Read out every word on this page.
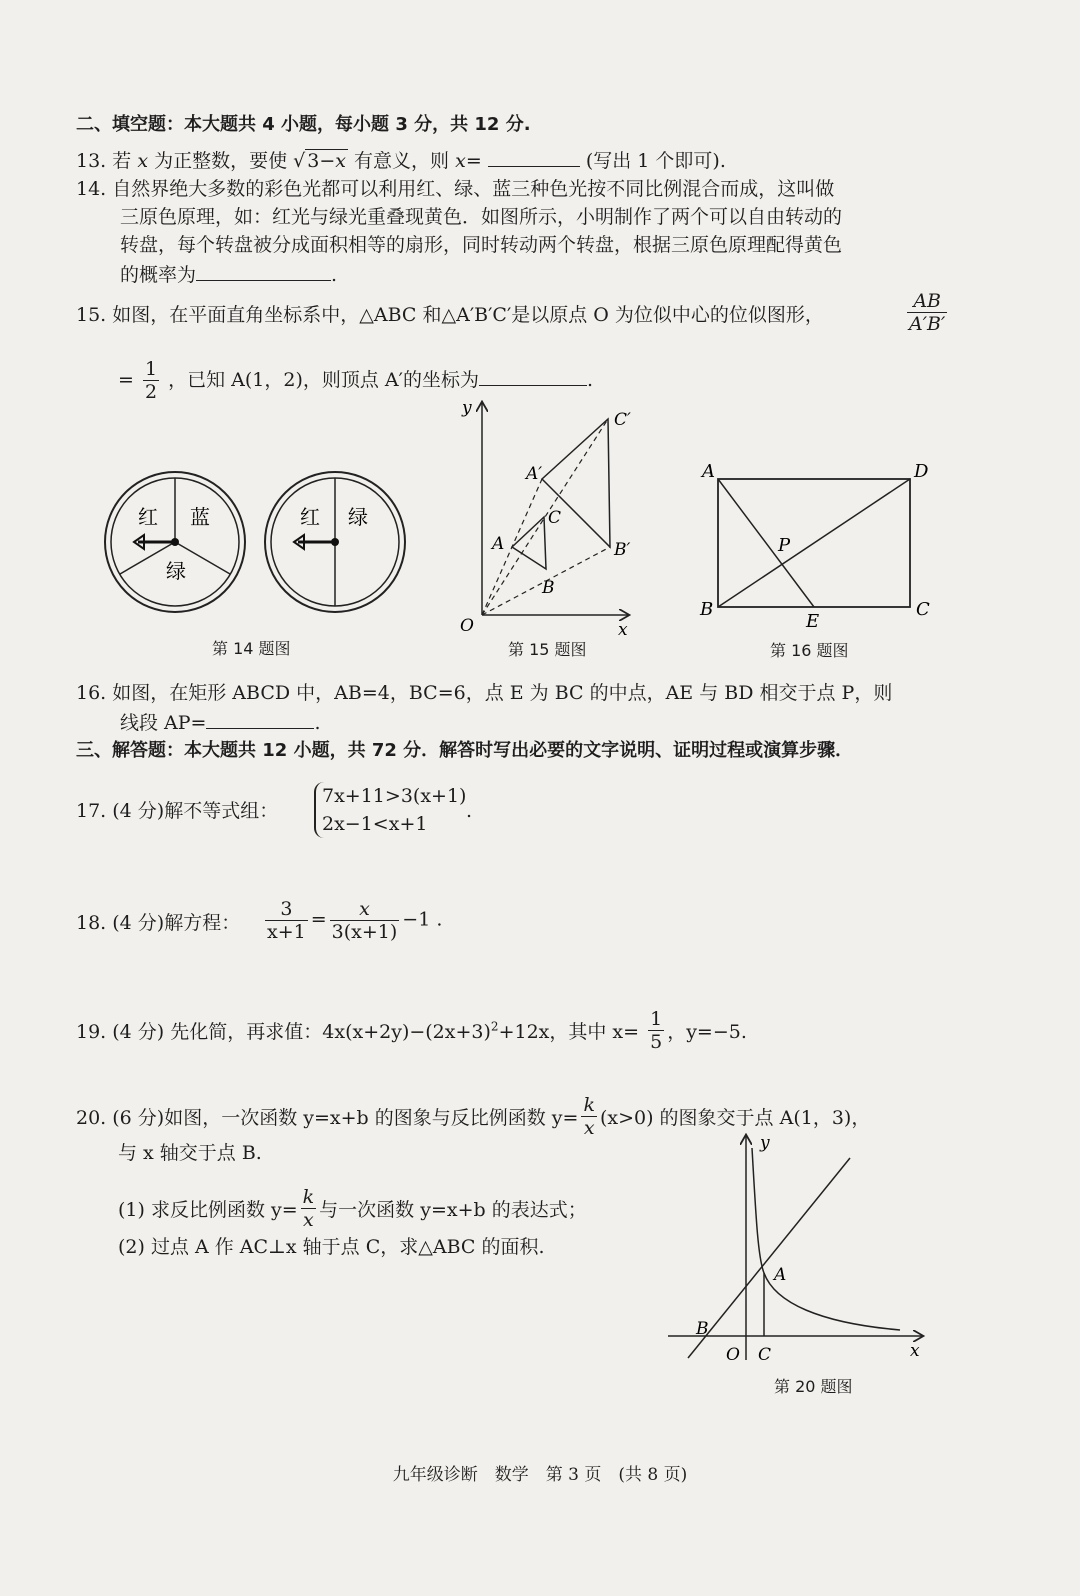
二、填空题：本大题共 4 小题，每小题 3 分，共 12 分.
13. 若 x 为正整数，要使 √ 3−x 有意义，则 x=	(写出 1 个即可).
14. 自然界绝大多数的彩色光都可以利用红、绿、蓝三种色光按不同比例混合而成，这叫做
三原色原理，如：红光与绿光重叠现黄色．如图所示，小明制作了两个可以自由转动的
转盘，每个转盘被分成面积相等的扇形，同时转动两个转盘，根据三原色原理配得黄色
的概率为	.
15. 如图，在平面直角坐标系中，△ABC 和△A′B′C′是以原点 O 为位似中心的位似图形，	$\frac{AB}{A'B'}$
= $\frac{1}{2}$ ，已知 A(1，2)，则顶点 A′的坐标为	.
红 蓝
绿
红 绿
第 14 题图
y
x
O
A
B
C
A′
B′
C′
第 15 题图
A	D
B	C
E
P
第 16 题图
16. 如图，在矩形 ABCD 中，AB=4，BC=6，点 E 为 BC 的中点，AE 与 BD 相交于点 P，则
线段 AP=	.
三、解答题：本大题共 12 小题，共 72 分．解答时写出必要的文字说明、证明过程或演算步骤．
17. (4 分)解不等式组：
7x+11>3(x+1)
2x−1<x+1
.
18. (4 分)解方程： $\frac{3}{x+1} = \frac{x}{3(x+1)} -1$ .
19. (4 分) 先化简，再求值：$4x(x+2y)-(2x+3)^2+12x$，其中 $x= \frac{1}{5}$ ，y=−5.
20. (6 分)如图，一次函数 y=x+b 的图象与反比例函数 $y= \frac{k}{x} (x>0)$ 的图象交于点 A(1，3)，
与 x 轴交于点 B.
(1) 求反比例函数 $y= \frac{k}{x}$ 与一次函数 y=x+b 的表达式；
(2) 过点 A 作 AC⊥x 轴于点 C，求△ABC 的面积.
y
x
O C
A
B
第 20 题图
九年级诊断　数学　第 3 页　(共 8 页)
